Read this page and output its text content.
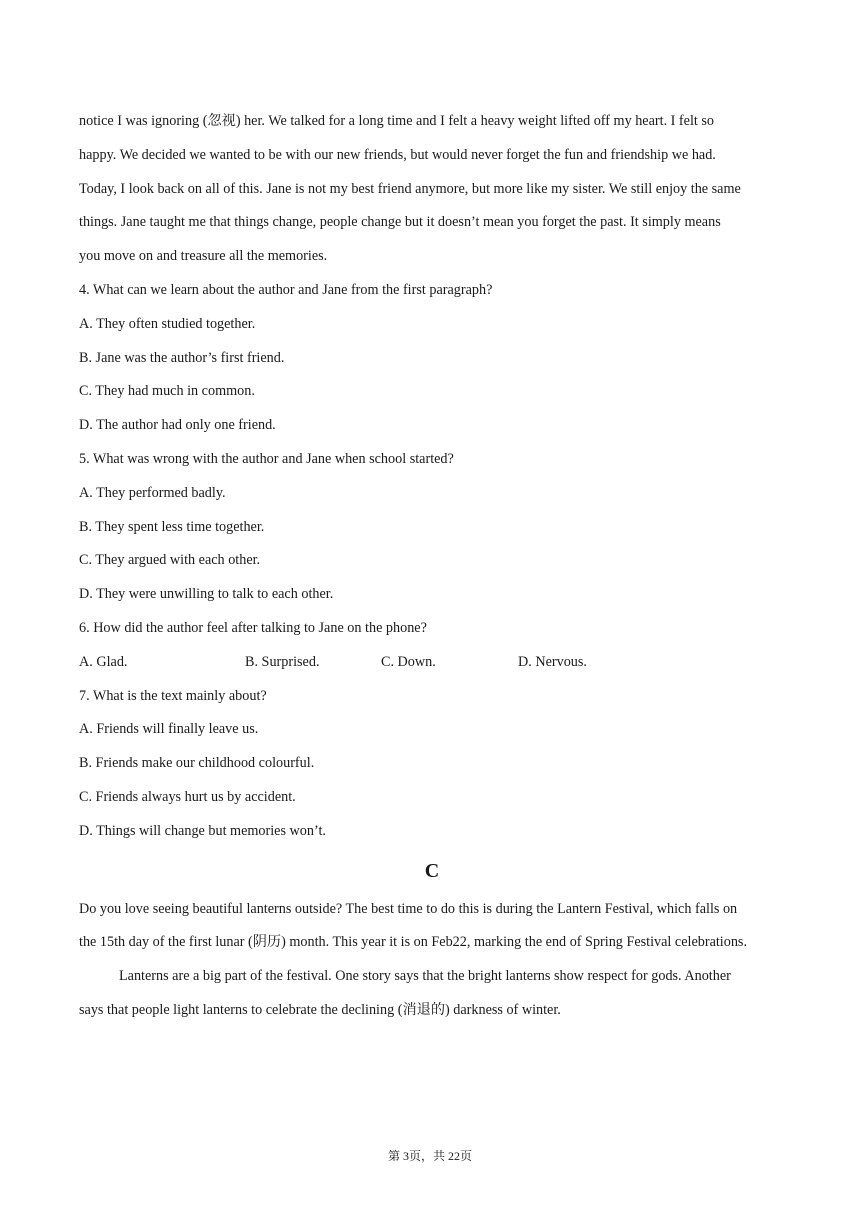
notice I was ignoring (忽视) her. We talked for a long time and I felt a heavy weight lifted off my heart. I felt so
happy. We decided we wanted to be with our new friends, but would never forget the fun and friendship we had.
Today, I look back on all of this. Jane is not my best friend anymore, but more like my sister. We still enjoy the same
things. Jane taught me that things change, people change but it doesn’t mean you forget the past. It simply means
you move on and treasure all the memories.
4. What can we learn about the author and Jane from the first paragraph?
A. They often studied together.
B. Jane was the author’s first friend.
C. They had much in common.
D. The author had only one friend.
5. What was wrong with the author and Jane when school started?
A. They performed badly.
B. They spent less time together.
C. They argued with each other.
D. They were unwilling to talk to each other.
6. How did the author feel after talking to Jane on the phone?
A. Glad.	B. Surprised.	C. Down.	D. Nervous.
7. What is the text mainly about?
A. Friends will finally leave us.
B. Friends make our childhood colourful.
C. Friends always hurt us by accident.
D. Things will change but memories won’t.
C
Do you love seeing beautiful lanterns outside? The best time to do this is during the Lantern Festival, which falls on
the 15th day of the first lunar (阴历) month. This year it is on Feb22, marking the end of Spring Festival celebrations.
Lanterns are a big part of the festival. One story says that the bright lanterns show respect for gods. Another
says that people light lanterns to celebrate the declining (消退的) darkness of winter.
第 3页，共 22页
